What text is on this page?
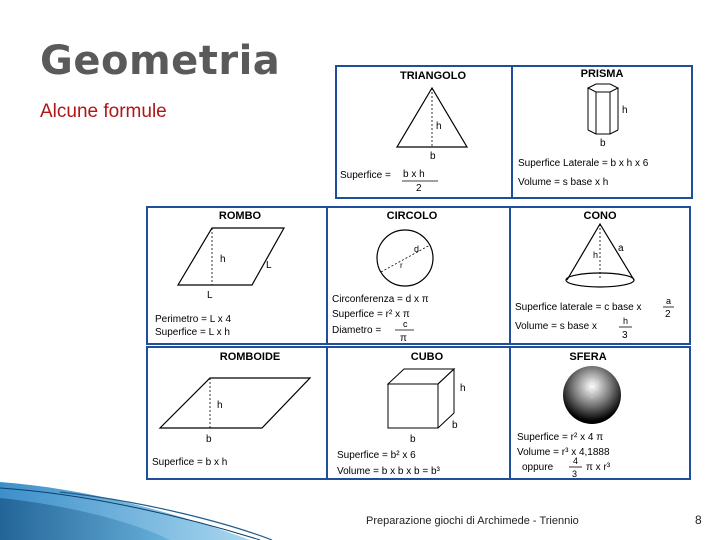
Geometria
Alcune formule
TRIANGOLO
h
b
Superfice = b x h
2
PRISMA
h
b
Superfice Laterale = b x h x 6
Volume = s base x h
ROMBO
h
L
L
Perimetro = L x 4
Superfice = L x h
CIRCOLO
d
r
Circonferenza = d x π
Superfice = r² x π
Diametro =
c
π
CONO
h
a
Superfice laterale = c base x
a
2
Volume = s base x	h
3
ROMBOIDE
h
b
Superfice = b x h
CUBO
h
b
b
Superfice = b² x 6
Volume = b x b x b = b³
SFERA
r
Superfice = r² x 4 π
Volume = r³ x 4,1888
oppure
4
3
π x r³
Preparazione giochi di Archimede - Triennio	8
